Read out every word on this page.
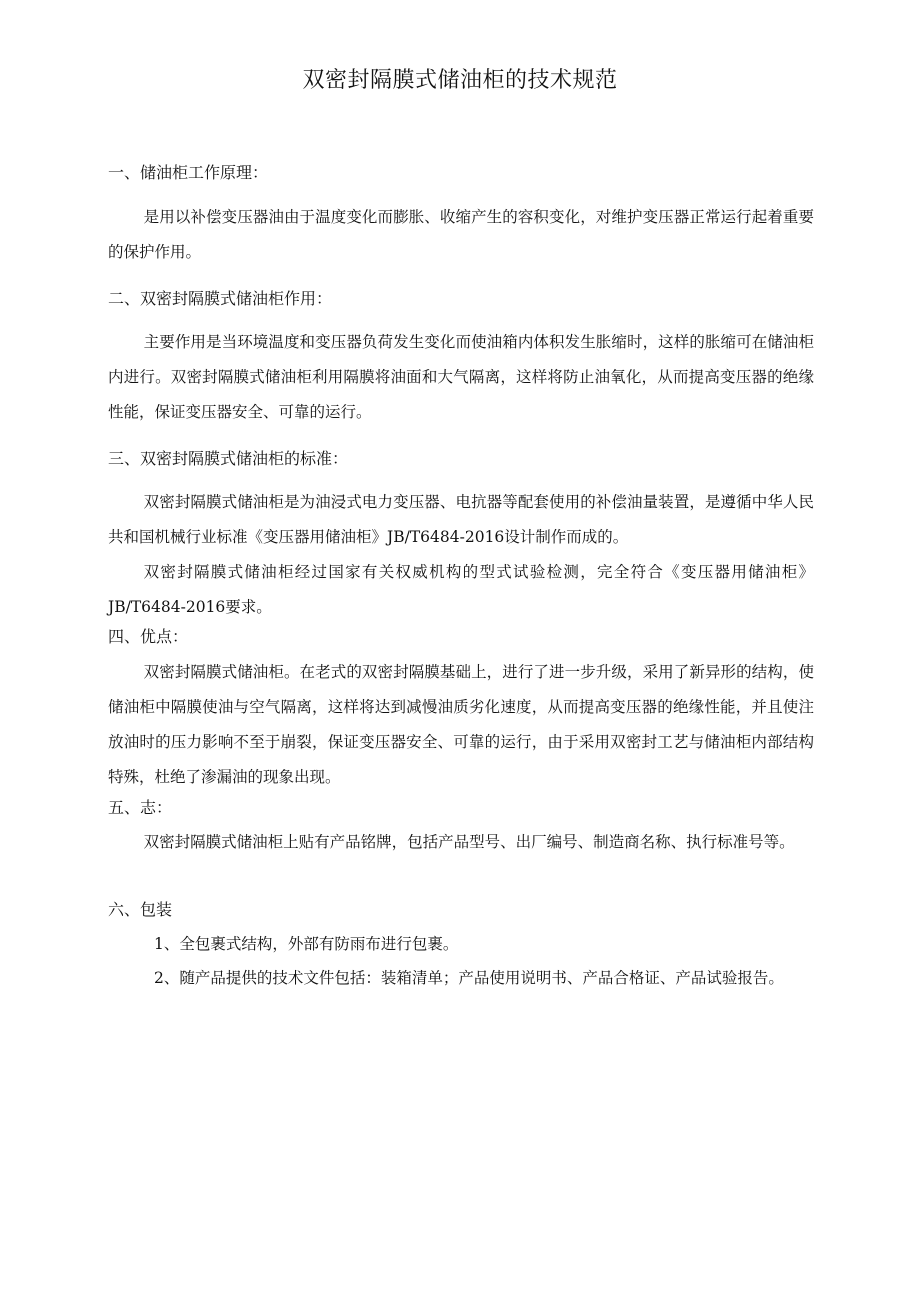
双密封隔膜式储油柜的技术规范
一、储油柜工作原理：

是用以补偿变压器油由于温度变化而膨胀、收缩产生的容积变化，对维护变压器正常运行起着重要的保护作用。

二、双密封隔膜式储油柜作用：

主要作用是当环境温度和变压器负荷发生变化而使油箱内体积发生胀缩时，这样的胀缩可在储油柜内进行。双密封隔膜式储油柜利用隔膜将油面和大气隔离，这样将防止油氧化，从而提高变压器的绝缘性能，保证变压器安全、可靠的运行。

三、双密封隔膜式储油柜的标准：

双密封隔膜式储油柜是为油浸式电力变压器、电抗器等配套使用的补偿油量装置，是遵循中华人民共和国机械行业标准《变压器用储油柜》JB/T6484-2016设计制作而成的。

双密封隔膜式储油柜经过国家有关权威机构的型式试验检测，完全符合《变压器用储油柜》JB/T6484-2016要求。

四、优点：

双密封隔膜式储油柜。在老式的双密封隔膜基础上，进行了进一步升级，采用了新异形的结构，使储油柜中隔膜使油与空气隔离，这样将达到减慢油质劣化速度，从而提高变压器的绝缘性能，并且使注放油时的压力影响不至于崩裂，保证变压器安全、可靠的运行，由于采用双密封工艺与储油柜内部结构特殊，杜绝了渗漏油的现象出现。

五、志：

双密封隔膜式储油柜上贴有产品铭牌，包括产品型号、出厂编号、制造商名称、执行标准号等。

六、包装

1、全包裹式结构，外部有防雨布进行包裹。

2、随产品提供的技术文件包括：装箱清单；产品使用说明书、产品合格证、产品试验报告。
